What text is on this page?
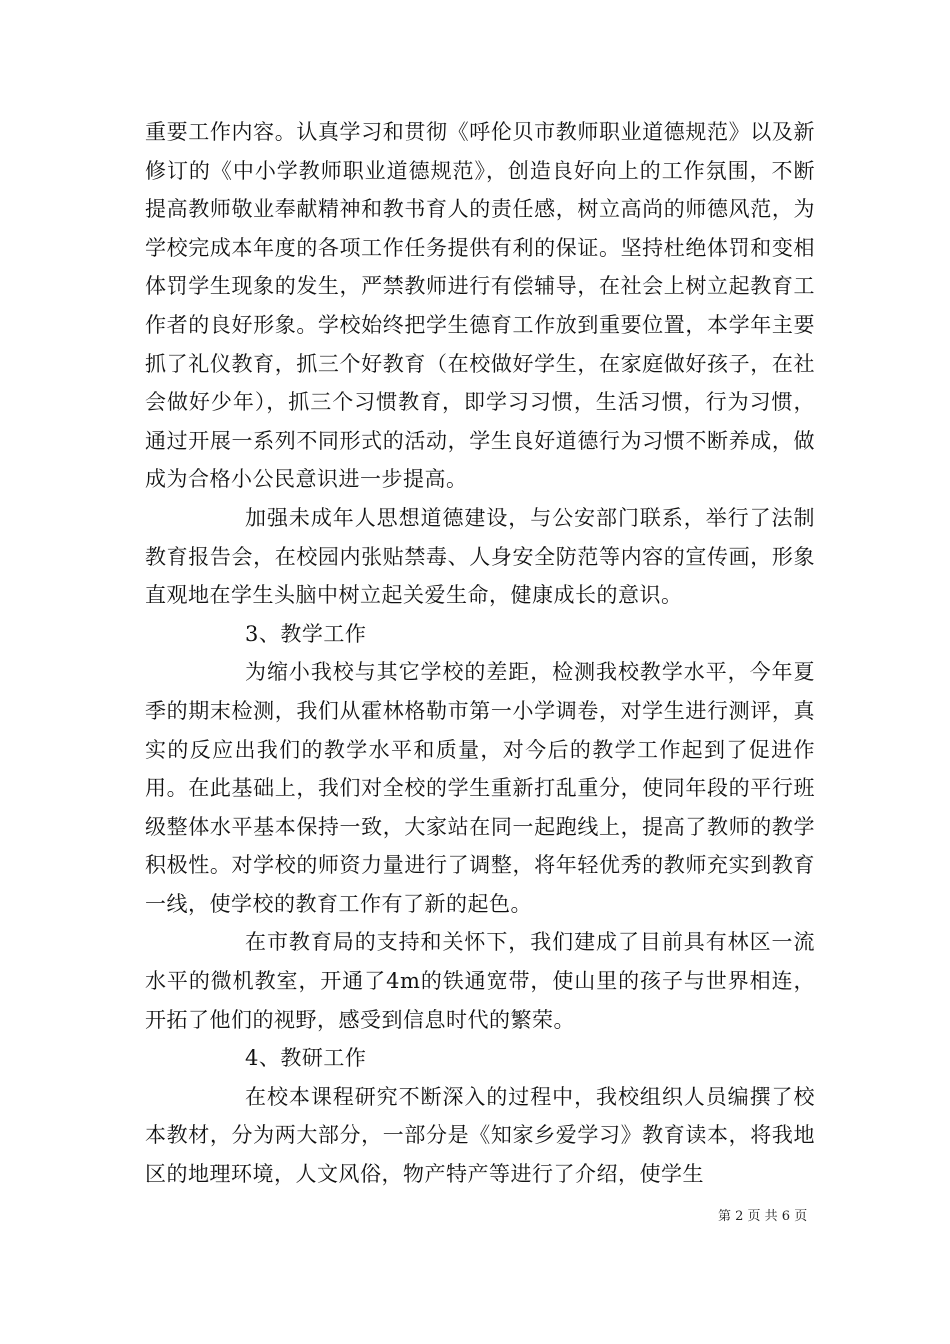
重要工作内容。认真学习和贯彻《呼伦贝市教师职业道德规范》以及新修订的《中小学教师职业道德规范》，创造良好向上的工作氛围，不断提高教师敬业奉献精神和教书育人的责任感，树立高尚的师德风范，为学校完成本年度的各项工作任务提供有利的保证。坚持杜绝体罚和变相体罚学生现象的发生，严禁教师进行有偿辅导，在社会上树立起教育工作者的良好形象。学校始终把学生德育工作放到重要位置，本学年主要抓了礼仪教育，抓三个好教育（在校做好学生，在家庭做好孩子，在社会做好少年），抓三个习惯教育，即学习习惯，生活习惯，行为习惯，通过开展一系列不同形式的活动，学生良好道德行为习惯不断养成，做成为合格小公民意识进一步提高。

加强未成年人思想道德建设，与公安部门联系，举行了法制教育报告会，在校园内张贴禁毒、人身安全防范等内容的宣传画，形象直观地在学生头脑中树立起关爱生命，健康成长的意识。

3、教学工作

为缩小我校与其它学校的差距，检测我校教学水平，今年夏季的期末检测，我们从霍林格勒市第一小学调卷，对学生进行测评，真实的反应出我们的教学水平和质量，对今后的教学工作起到了促进作用。在此基础上，我们对全校的学生重新打乱重分，使同年段的平行班级整体水平基本保持一致，大家站在同一起跑线上，提高了教师的教学积极性。对学校的师资力量进行了调整，将年轻优秀的教师充实到教育一线，使学校的教育工作有了新的起色。

在市教育局的支持和关怀下，我们建成了目前具有林区一流水平的微机教室，开通了4m的铁通宽带，使山里的孩子与世界相连，开拓了他们的视野，感受到信息时代的繁荣。

4、教研工作

在校本课程研究不断深入的过程中，我校组织人员编撰了校本教材，分为两大部分，一部分是《知家乡爱学习》教育读本，将我地区的地理环境，人文风俗，物产特产等进行了介绍，使学生

第 2 页 共 6 页
